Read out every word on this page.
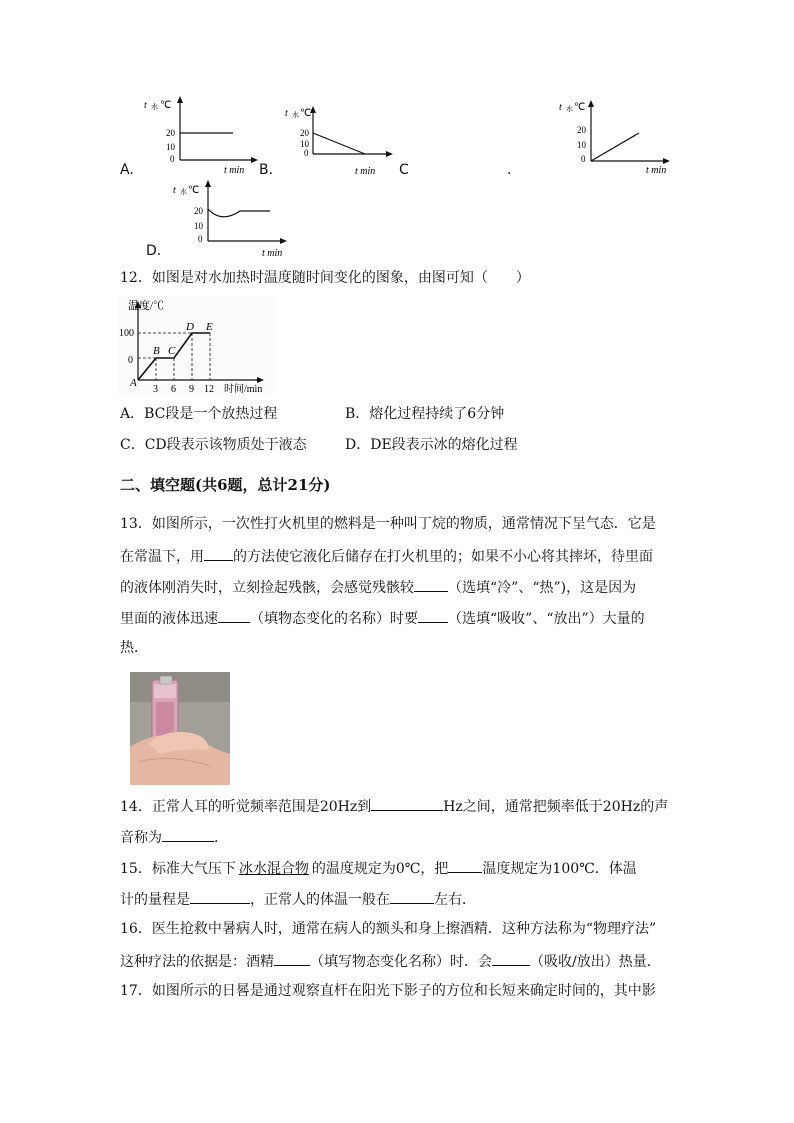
t 水 ℃
20
10
0
t min
A.
t 水 ℃
20
10
0
t min
B.	C	.
t 水 ℃
20
10
0
t min
t 水 ℃
20
10
0
t min
D.
12．如图是对水加热时温度随时间变化的图象，由图可知（　　）
温度/℃
100
0
A
B C
D E
3 6 9 12 时间/min
A．BC段是一个放热过程	B．熔化过程持续了6分钟
C．CD段表示该物质处于液态	D．DE段表示冰的熔化过程
二、填空题(共6题，总计21分)
13．如图所示，一次性打火机里的燃料是一种叫丁烷的物质，通常情况下呈气态．它是
在常温下，用 的方法使它液化后储存在打火机里的；如果不小心将其摔坏，待里面
的液体刚消失时，立刻捡起残骸，会感觉残骸较 （选填“冷”、“热”)，这是因为
里面的液体迅速 （填物态变化的名称）时要 （选填“吸收”、“放出”）大量的
热．
14．正常人耳的听觉频率范围是20Hz到	Hz之间，通常把频率低于20Hz的声
音称为	．
15．标准大气压下 冰水混合物 的温度规定为0℃，把 温度规定为100℃．体温
计的量程是	，正常人的体温一般在	左右．
16．医生抢救中暑病人时，通常在病人的额头和身上擦酒精．这种方法称为“物理疗法”
这种疗法的依据是：酒精	（填写物态变化名称）时．会	（吸收/放出）热量．
17．如图所示的日晷是通过观察直杆在阳光下影子的方位和长短来确定时间的，其中影
